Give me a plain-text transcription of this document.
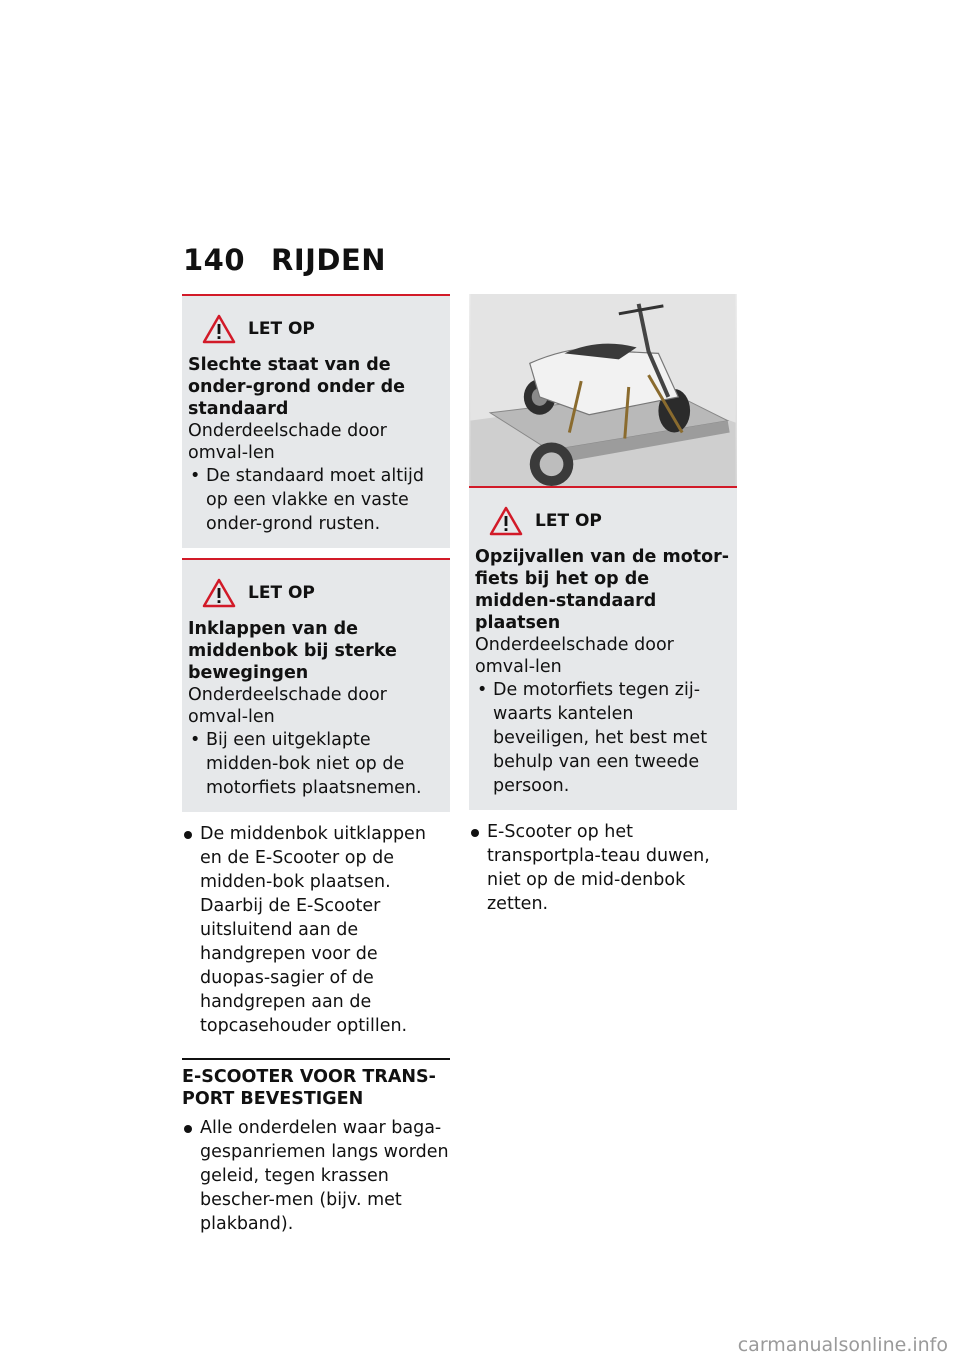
140 RIJDEN
LET OP
Slechte staat van de onder-grond onder de standaard
Onderdeelschade door omval-len
• De standaard moet altijd op een vlakke en vaste onder-grond rusten.
LET OP
Inklappen van de middenbok bij sterke bewegingen
Onderdeelschade door omval-len
• Bij een uitgeklapte midden-bok niet op de motorfiets plaatsnemen.
De middenbok uitklappen en de E-Scooter op de midden-bok plaatsen. Daarbij de E-Scooter uitsluitend aan de handgrepen voor de duopas-sagier of de handgrepen aan de topcasehouder optillen.
E-SCOOTER VOOR TRANS-PORT BEVESTIGEN
Alle onderdelen waar baga-gespanriemen langs worden geleid, tegen krassen bescher-men (bijv. met plakband).
LET OP
Opzijvallen van de motor-fiets bij het op de midden-standaard plaatsen
Onderdeelschade door omval-len
• De motorfiets tegen zij-waarts kantelen beveiligen, het best met behulp van een tweede persoon.
E-Scooter op het transportpla-teau duwen, niet op de mid-denbok zetten.
carmanualsonline.info
